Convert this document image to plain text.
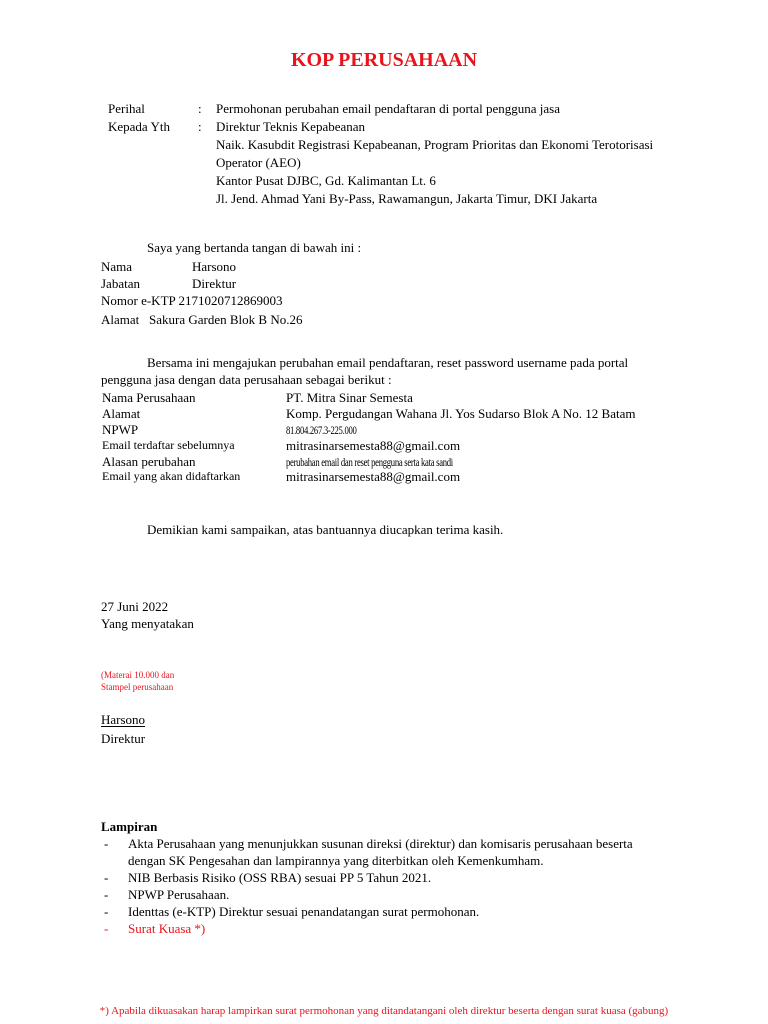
KOP PERUSAHAAN
Perihal	: Permohonan perubahan email pendaftaran di portal pengguna jasa
Kepada Yth : Direktur Teknis Kepabeanan
Naik. Kasubdit Registrasi Kepabeanan, Program Prioritas dan Ekonomi Terotorisasi
Operator (AEO)
Kantor Pusat DJBC, Gd. Kalimantan Lt. 6
Jl. Jend. Ahmad Yani By-Pass, Rawamangun, Jakarta Timur, DKI Jakarta
Saya yang bertanda tangan di bawah ini :
Nama	Harsono
Jabatan	Direktur
Nomor e-KTP 2171020712869003
Alamat   Sakura Garden Blok B No.26
Bersama ini mengajukan perubahan email pendaftaran, reset password username pada portal
pengguna jasa dengan data perusahaan sebagai berikut :
Nama Perusahaan	PT. Mitra Sinar Semesta
Alamat	Komp. Pergudangan Wahana Jl. Yos Sudarso Blok A No. 12 Batam
NPWP	81.804.267.3-225.000
Email terdaftar sebelumnya	mitrasinarsemesta88@gmail.com
Alasan perubahan	perubahan email dan reset pengguna serta kata sandi
Email yang akan didaftarkan	mitrasinarsemesta88@gmail.com
Demikian kami sampaikan, atas bantuannya diucapkan terima kasih.
27 Juni 2022
Yang menyatakan
(Materai 10.000 dan
Stampel perusahaan
Harsono
Direktur
Lampiran
- Akta Perusahaan yang menunjukkan susunan direksi (direktur) dan komisaris perusahaan beserta
dengan SK Pengesahan dan lampirannya yang diterbitkan oleh Kemenkumham.
- NIB Berbasis Risiko (OSS RBA) sesuai PP 5 Tahun 2021.
- NPWP Perusahaan.
- Identtas (e-KTP) Direktur sesuai penandatangan surat permohonan.
- Surat Kuasa *)
*) Apabila dikuasakan harap lampirkan surat permohonan yang ditandatangani oleh direktur beserta dengan surat kuasa (gabung)
